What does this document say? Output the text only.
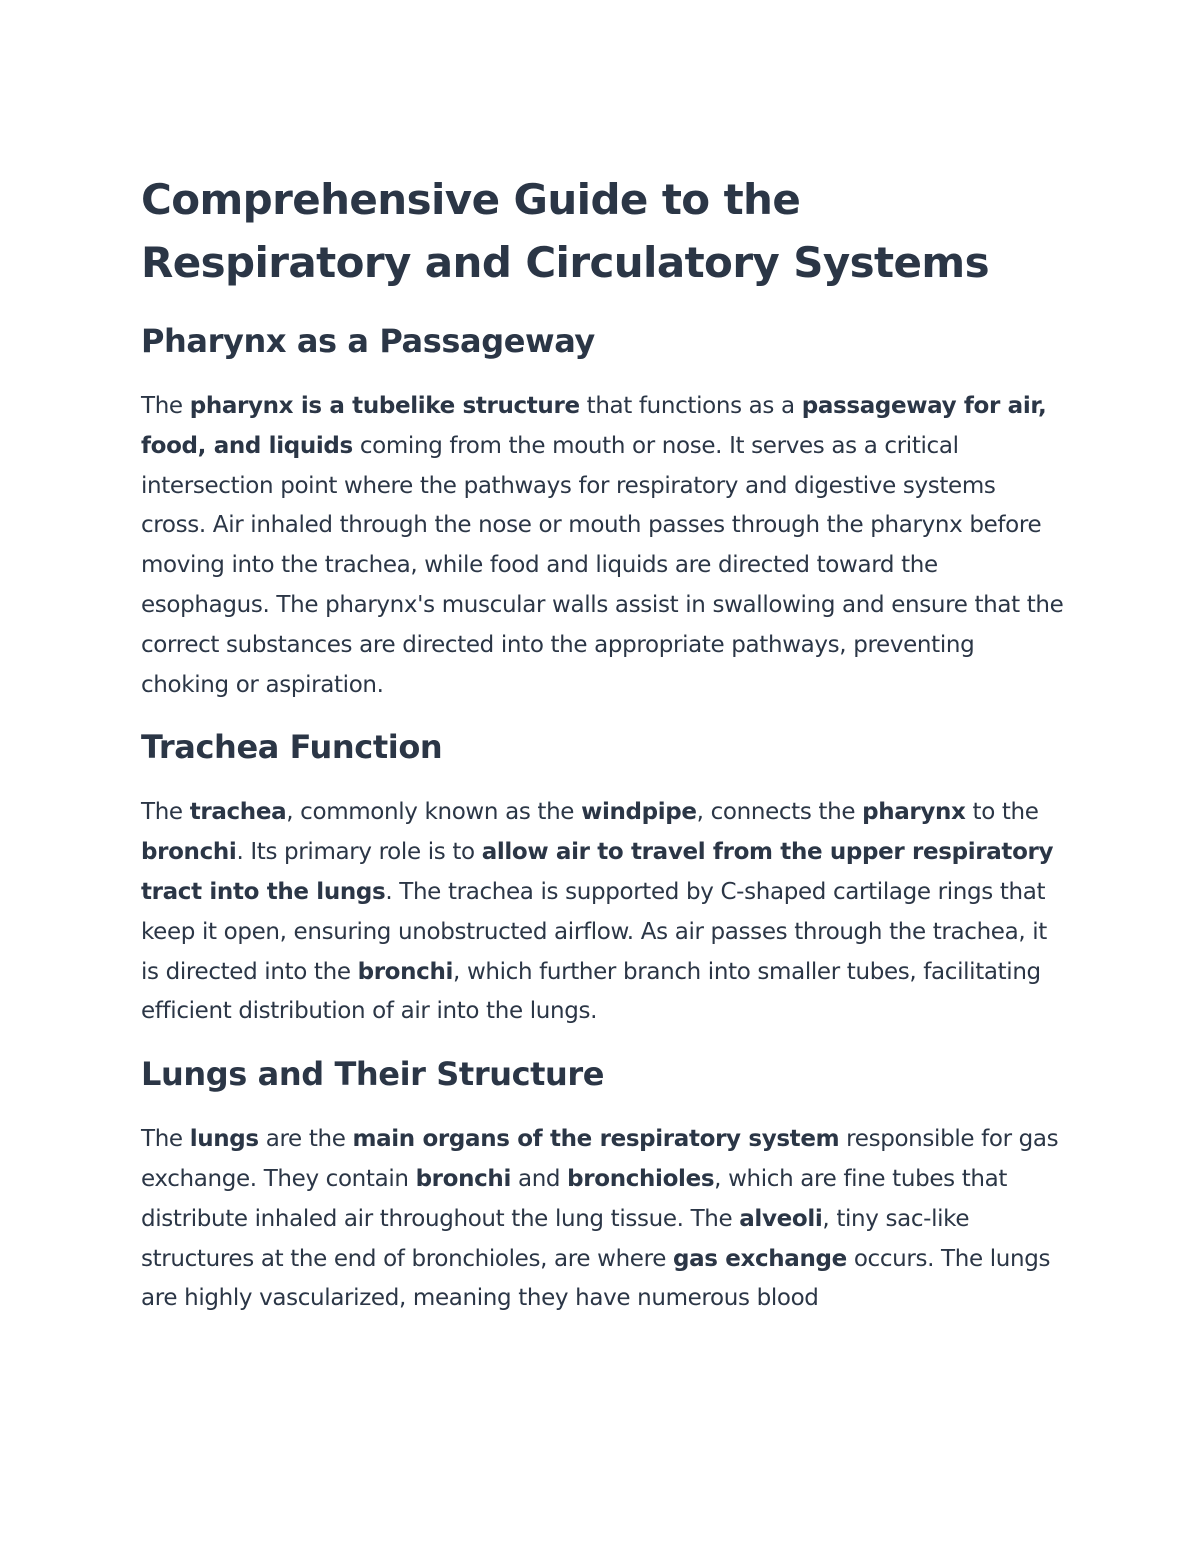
Comprehensive Guide to the
Respiratory and Circulatory Systems
Pharynx as a Passageway

The pharynx is a tubelike structure that functions as a passageway for air, food, and liquids coming from the mouth or nose. It serves as a critical intersection point where the pathways for respiratory and digestive systems cross. Air inhaled through the nose or mouth passes through the pharynx before moving into the trachea, while food and liquids are directed toward the esophagus. The pharynx's muscular walls assist in swallowing and ensure that the correct substances are directed into the appropriate pathways, preventing choking or aspiration.

Trachea Function

The trachea, commonly known as the windpipe, connects the pharynx to the bronchi. Its primary role is to allow air to travel from the upper respiratory tract into the lungs. The trachea is supported by C-shaped cartilage rings that keep it open, ensuring unobstructed airflow. As air passes through the trachea, it is directed into the bronchi, which further branch into smaller tubes, facilitating efficient distribution of air into the lungs.

Lungs and Their Structure

The lungs are the main organs of the respiratory system responsible for gas exchange. They contain bronchi and bronchioles, which are fine tubes that distribute inhaled air throughout the lung tissue. The alveoli, tiny sac-like structures at the end of bronchioles, are where gas exchange occurs. The lungs are highly vascularized, meaning they have numerous blood
